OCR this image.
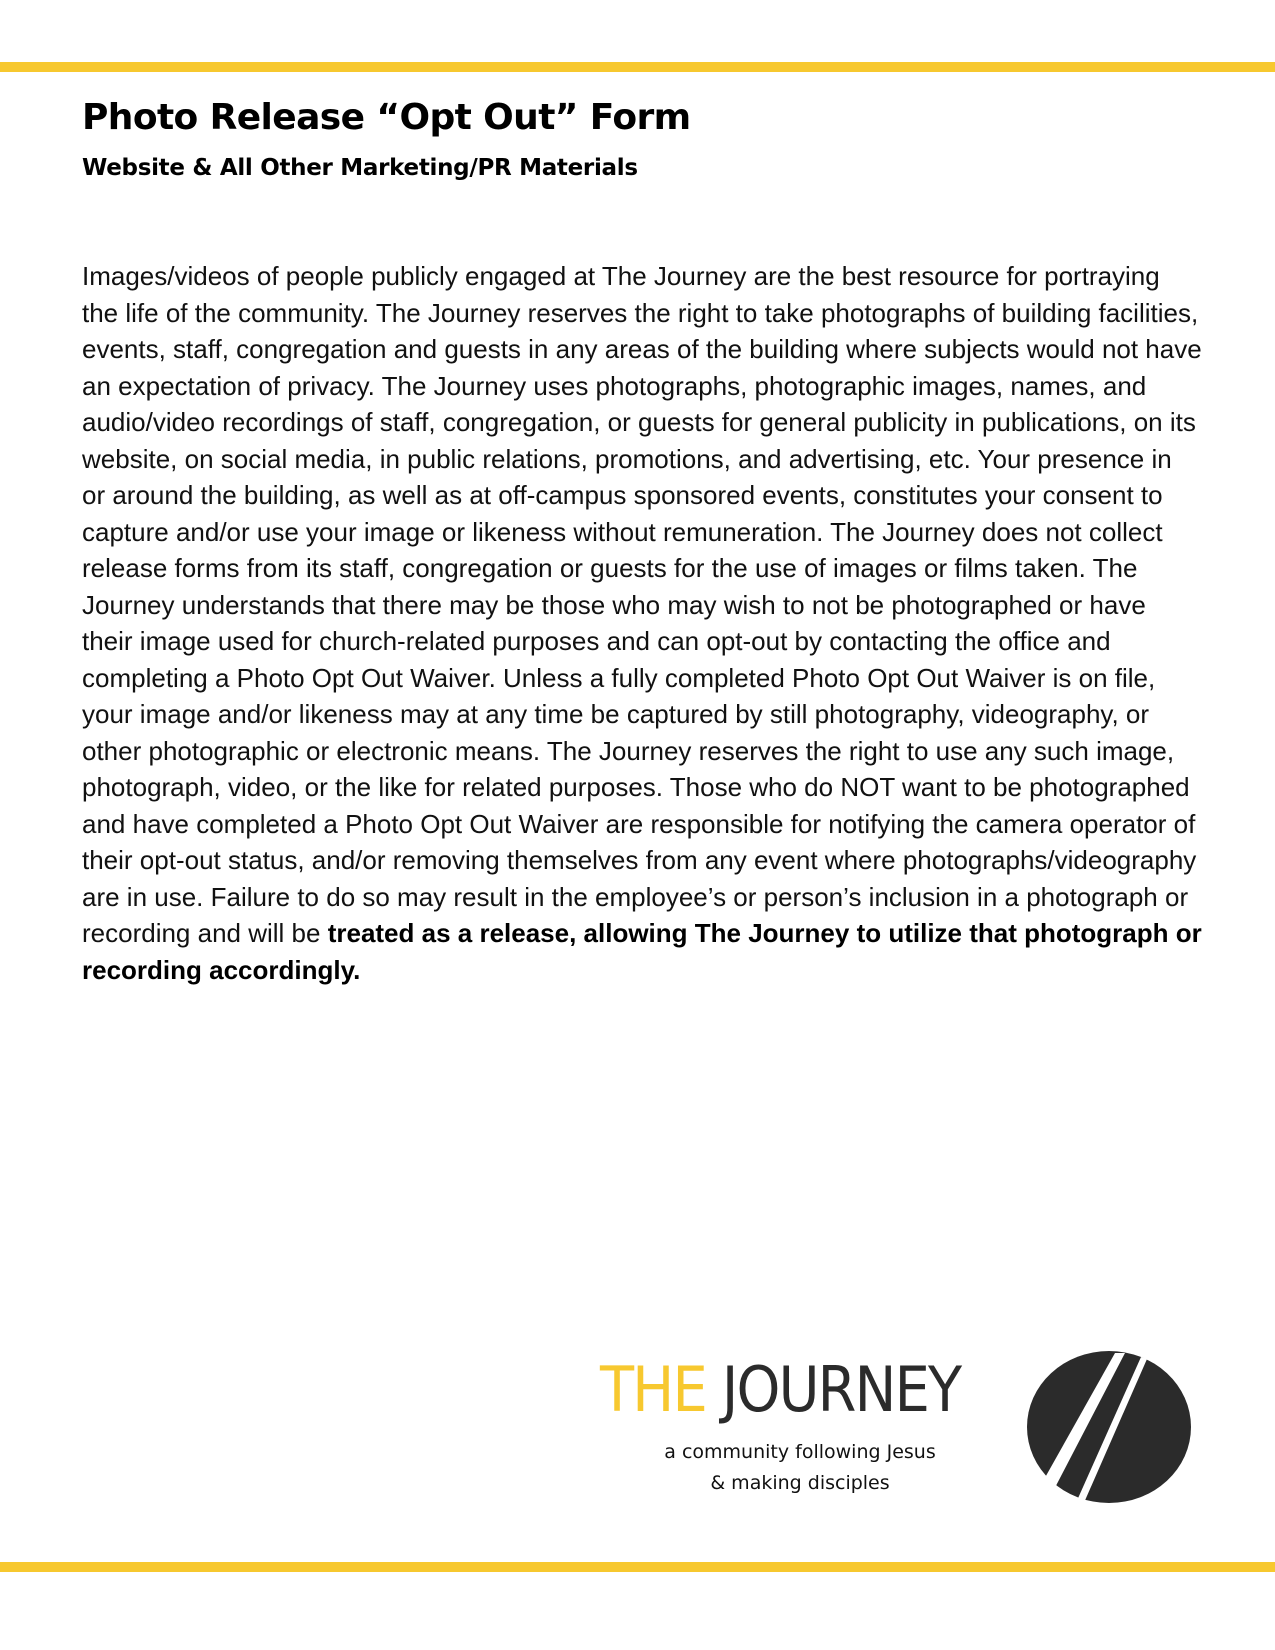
Photo Release “Opt Out” Form
Website & All Other Marketing/PR Materials

Images/videos of people publicly engaged at The Journey are the best resource for portraying the life of the community. The Journey reserves the right to take photographs of building facilities, events, staff, congregation and guests in any areas of the building where subjects would not have an expectation of privacy. The Journey uses photographs, photographic images, names, and audio/video recordings of staff, congregation, or guests for general publicity in publications, on its website, on social media, in public relations, promotions, and advertising, etc. Your presence in or around the building, as well as at off-campus sponsored events, constitutes your consent to capture and/or use your image or likeness without remuneration. The Journey does not collect release forms from its staff, congregation or guests for the use of images or films taken. The Journey understands that there may be those who may wish to not be photographed or have their image used for church-related purposes and can opt-out by contacting the office and completing a Photo Opt Out Waiver. Unless a fully completed Photo Opt Out Waiver is on file, your image and/or likeness may at any time be captured by still photography, videography, or other photographic or electronic means. The Journey reserves the right to use any such image, photograph, video, or the like for related purposes. Those who do NOT want to be photographed and have completed a Photo Opt Out Waiver are responsible for notifying the camera operator of their opt-out status, and/or removing themselves from any event where photographs/videography are in use. Failure to do so may result in the employee’s or person’s inclusion in a photograph or recording and will be treated as a release, allowing The Journey to utilize that photograph or recording accordingly.

THE JOURNEY

a community following Jesus
& making disciples
